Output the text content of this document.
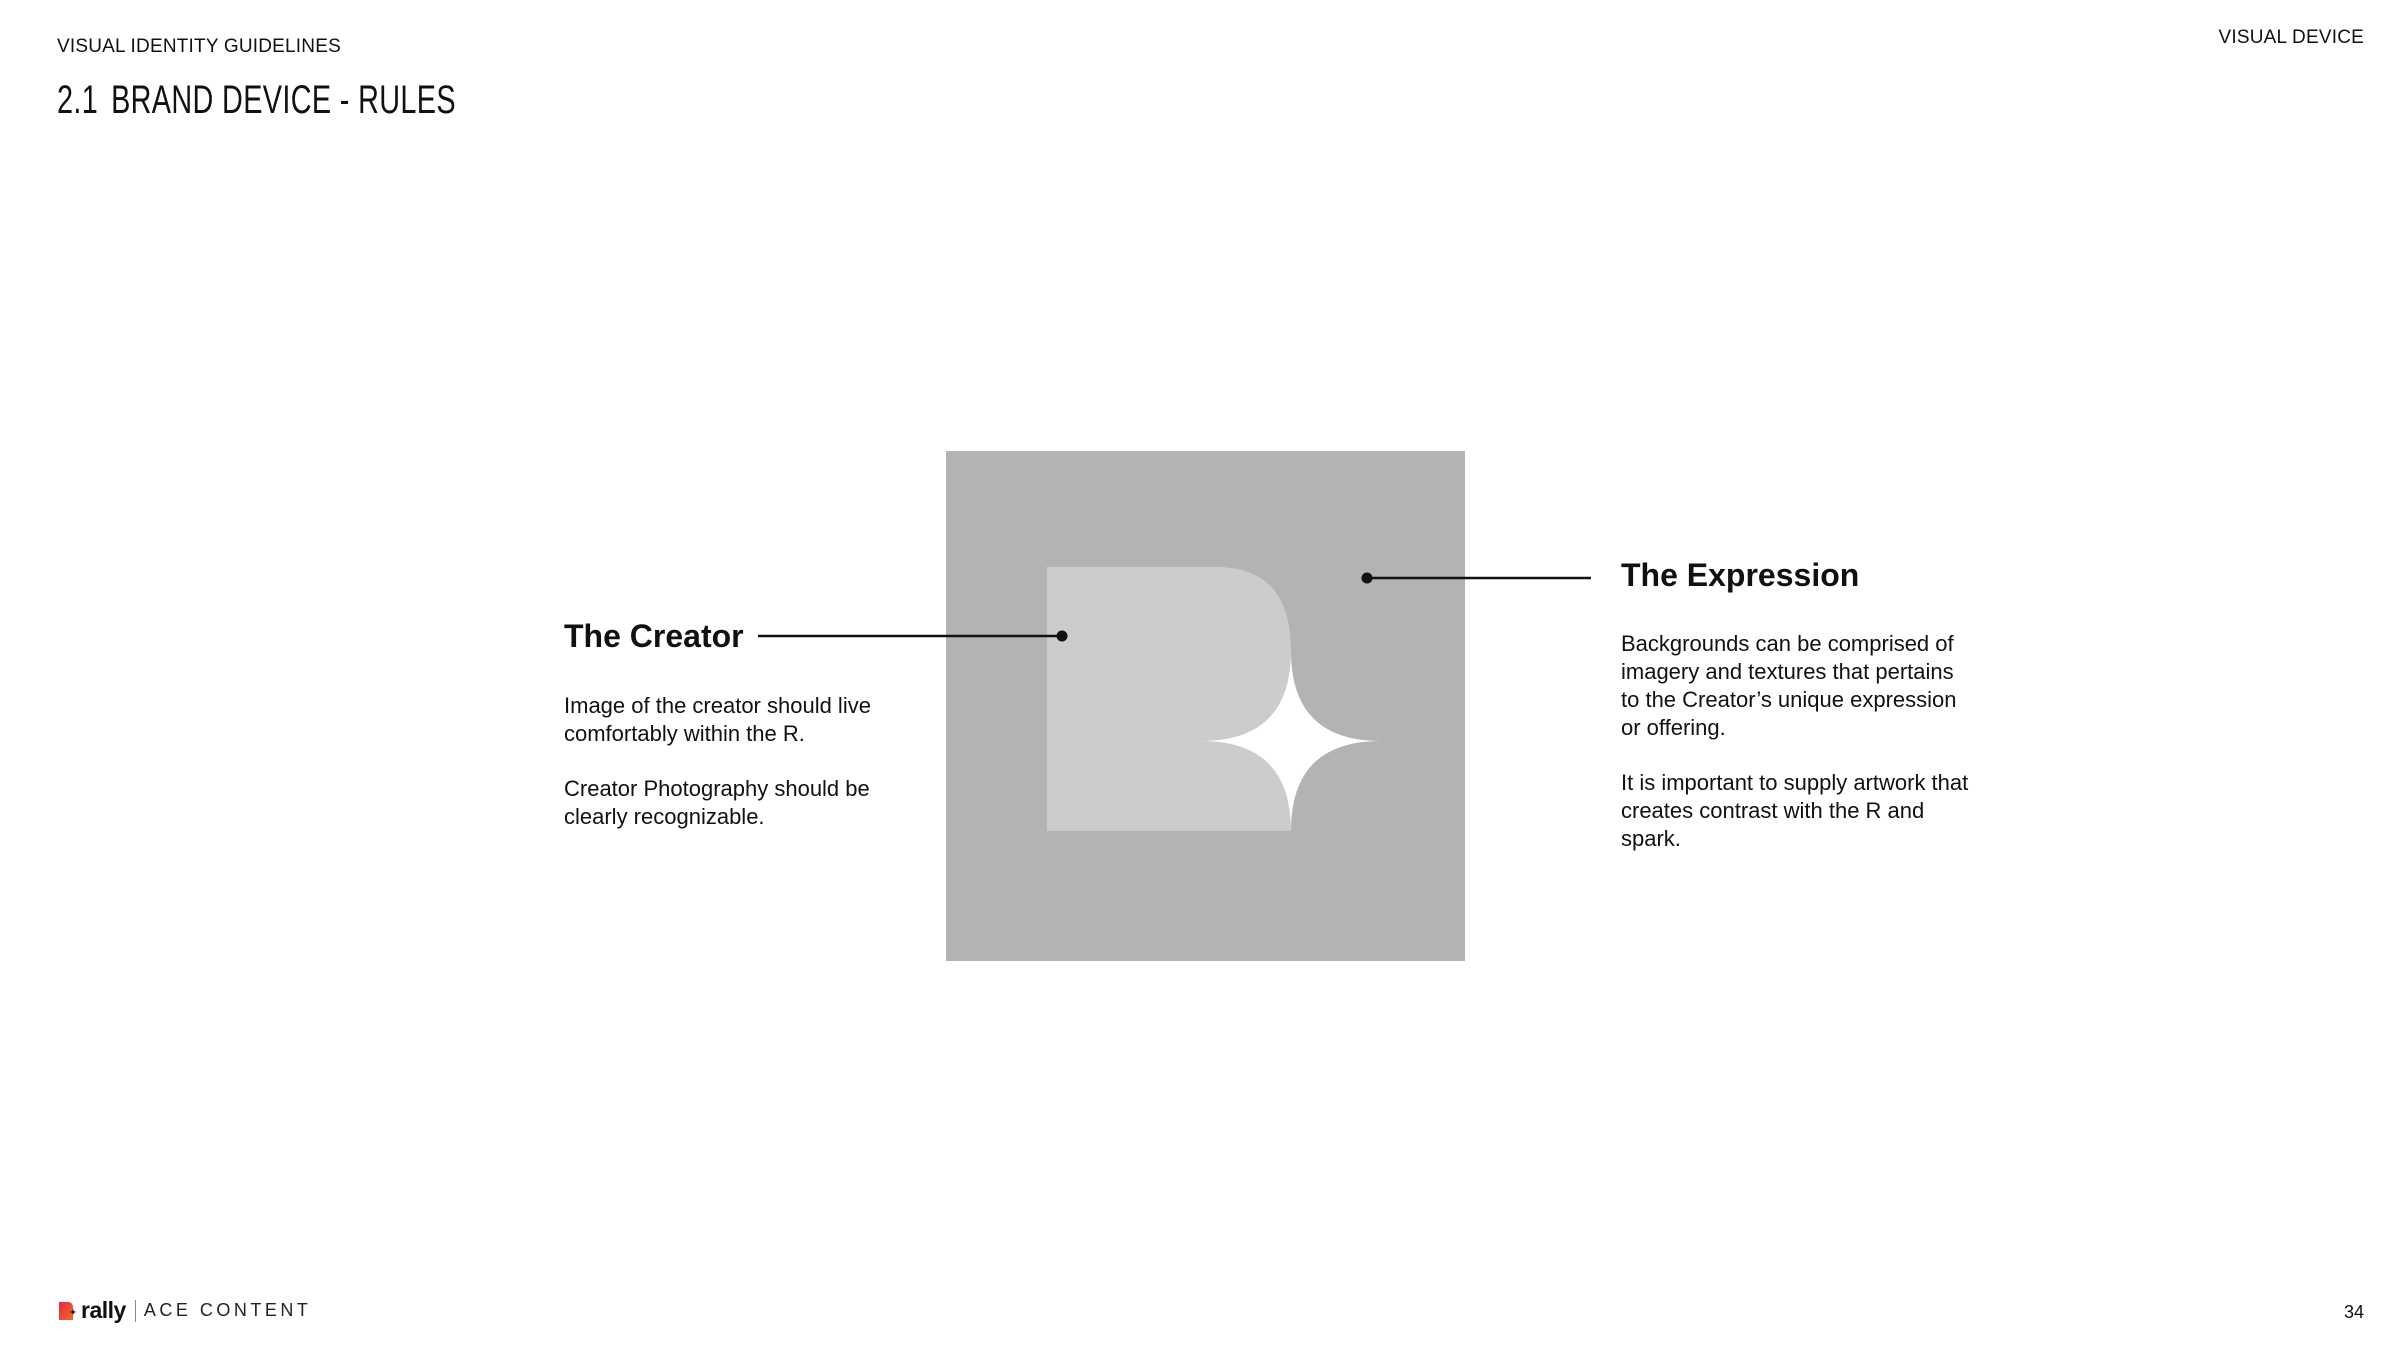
VISUAL IDENTITY GUIDELINES	VISUAL DEVICE
2.1 BRAND DEVICE - RULES
The Creator

Image of the creator should live comfortably within the R.

Creator Photography should be clearly recognizable.

The Expression

Backgrounds can be comprised of imagery and textures that pertains to the Creator’s unique expression or offering.

It is important to supply artwork that creates contrast with the R and spark.

rally ACE CONTENT	34
